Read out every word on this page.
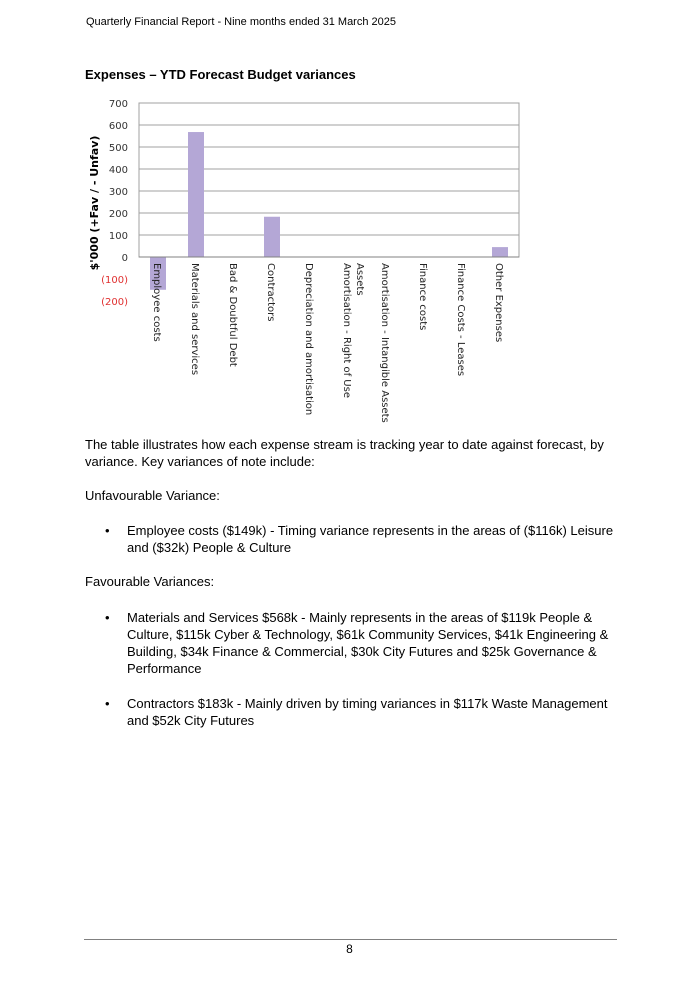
Quarterly Financial Report - Nine months ended 31 March 2025
Expenses – YTD Forecast Budget variances
700
600
500
400
300
200
100
0
(100)
(200) Employee costs	Materials and services	Bad & Doubtful Debt	Contractors	Depreciation and amortisation	Amortisation - Right of Use Assets Amortisation - Intangible Assets	Finance costs	Finance Costs - Leases	Other Expenses
$'000 (+Fav / - Unfav)
The table illustrates how each expense stream is tracking year to date against forecast, by variance. Key variances of note include:
Unfavourable Variance:
•	Employee costs ($149k) - Timing variance represents in the areas of ($116k) Leisure and ($32k) People & Culture
Favourable Variances:
•	Materials and Services $568k - Mainly represents in the areas of $119k People & Culture, $115k Cyber & Technology, $61k Community Services, $41k Engineering & Building, $34k Finance & Commercial, $30k City Futures and $25k Governance & Performance
•	Contractors $183k - Mainly driven by timing variances in $117k Waste Management and $52k City Futures
8
